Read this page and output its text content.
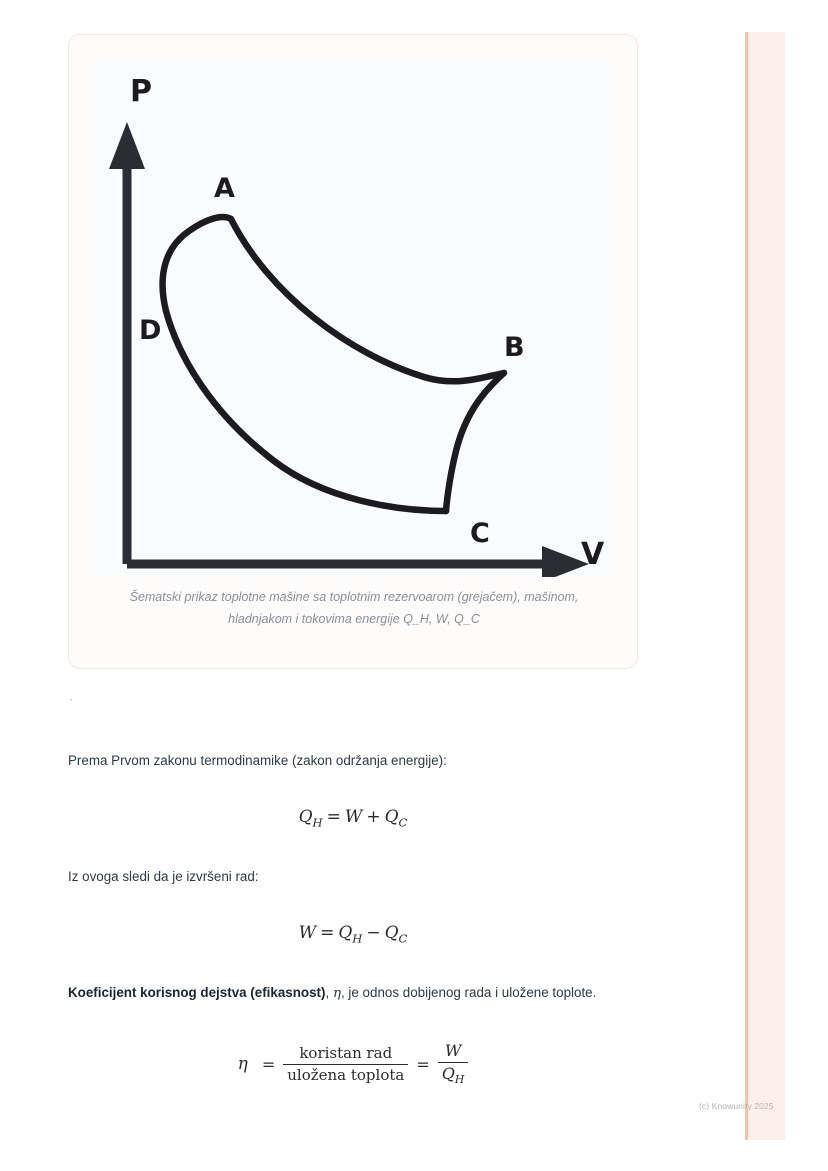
P
V
A
B
C
D
Šematski prikaz toplotne mašine sa toplotnim rezervoarom (grejačem), mašinom, hladnjakom i tokovima energije Q_H, W, Q_C
`

Prema Prvom zakonu termodinamike (zakon održanja energije):

$Q_H = W + Q_C$

Iz ovoga sledi da je izvršeni rad:

$W = Q_H - Q_C$

Koeficijent korisnog dejstva (efikasnost), η, je odnos dobijenog rada i uložene toplote.

$\eta = \frac{\text{koristan rad}}{\text{uložena toplota}} = \frac{W}{Q_H}$
(c) Knowunity 2025
